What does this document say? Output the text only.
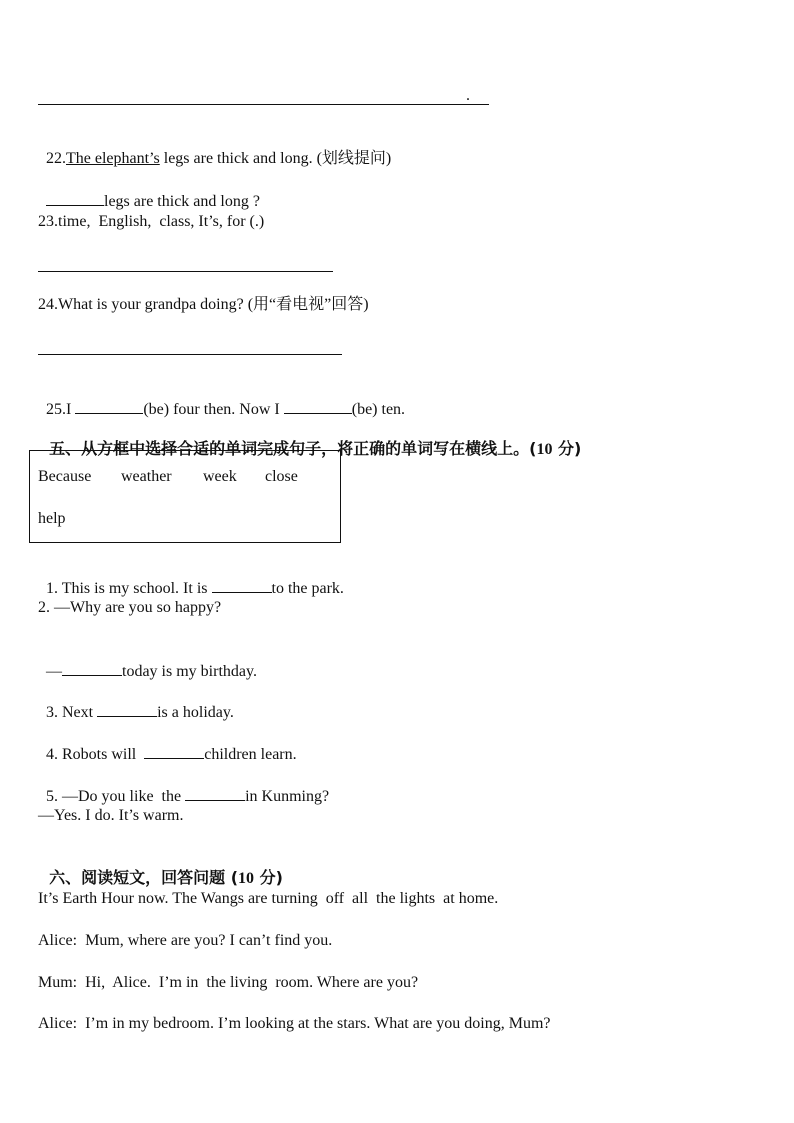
.

22.The elephant’s legs are thick and long. (划线提问)

legs are thick and long ?

23.time,  English,  class, It’s, for (.)
24.What is your grandpa doing? (用“看电视”回答)

25.I	(be) four then. Now I	(be) ten.

五、从方框中选择合适的单词完成句子，将正确的单词写在横线上。(10 分)

Because weather week close
help

1. This is my school. It is	to the park.

2. —Why are you so happy?

—	today is my birthday.

3. Next	is a holiday.

4. Robots will	children learn.

5. —Do you like  the	in Kunming?

—Yes. I do. It’s warm.

六、阅读短文，回答问题 (10 分)

It’s Earth Hour now. The Wangs are turning  off  all  the lights  at home.
Alice:  Mum, where are you? I can’t find you.
Mum:  Hi,  Alice.  I’m in  the living  room. Where are you?
Alice:  I’m in my bedroom. I’m looking at the stars. What are you doing, Mum?
